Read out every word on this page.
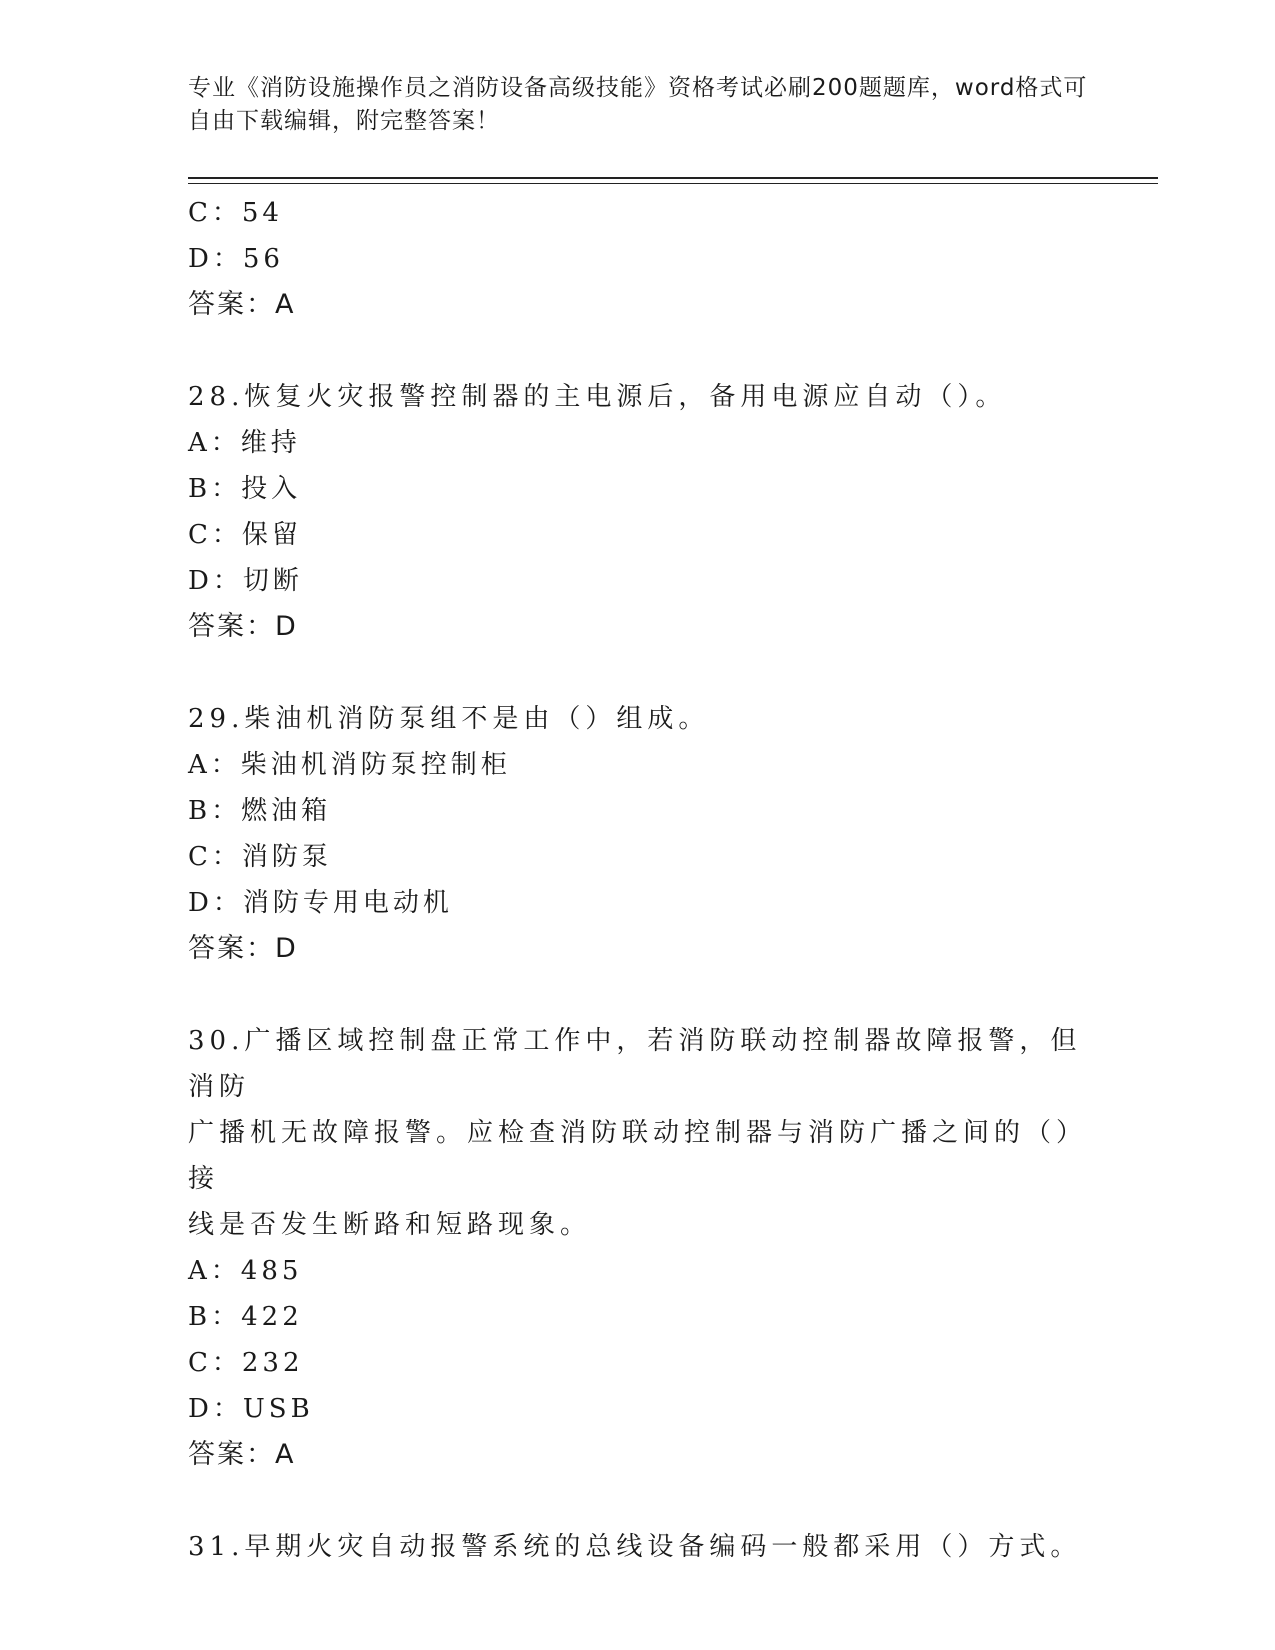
专业《消防设施操作员之消防设备高级技能》资格考试必刷200题题库，word格式可自由下载编辑，附完整答案！
C：54
D：56
答案：A
28.恢复火灾报警控制器的主电源后，备用电源应自动（）。
A：维持
B：投入
C：保留
D：切断
答案：D
29.柴油机消防泵组不是由（）组成。
A：柴油机消防泵控制柜
B：燃油箱
C：消防泵
D：消防专用电动机
答案：D
30.广播区域控制盘正常工作中，若消防联动控制器故障报警，但消防
广播机无故障报警。应检查消防联动控制器与消防广播之间的（）接
线是否发生断路和短路现象。
A：485
B：422
C：232
D：USB
答案：A
31.早期火灾自动报警系统的总线设备编码一般都采用（）方式。
